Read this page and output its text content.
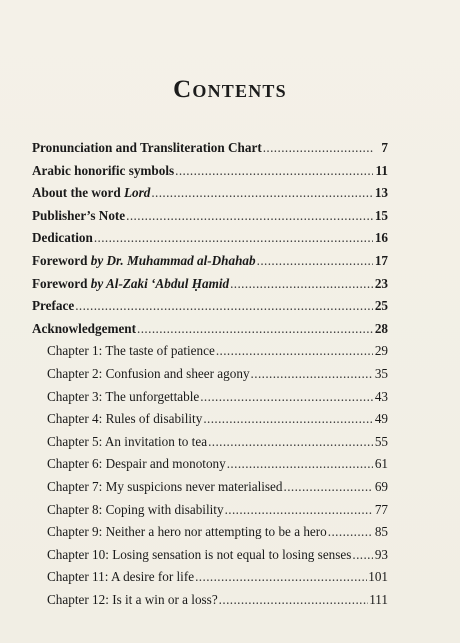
Contents
Pronunciation and Transliteration Chart .....	7
Arabic honorific symbols .....	11
About the word Lord .....	13
Publisher’s Note .....	15
Dedication .....	16
Foreword by Dr. Muhammad al-Dhahab .....	17
Foreword by Al-Zaki ‘Abdul Ḥamid .....	23
Preface .....	25
Acknowledgement .....	28
Chapter 1: The taste of patience .....	29
Chapter 2: Confusion and sheer agony .....	35
Chapter 3: The unforgettable .....	43
Chapter 4: Rules of disability .....	49
Chapter 5: An invitation to tea .....	55
Chapter 6: Despair and monotony .....	61
Chapter 7: My suspicions never materialised .....	69
Chapter 8: Coping with disability .....	77
Chapter 9: Neither a hero nor attempting to be a hero .....	85
Chapter 10: Losing sensation is not equal to losing senses ..... 93
Chapter 11: A desire for life .....	101
Chapter 12: Is it a win or a loss? .....	111
